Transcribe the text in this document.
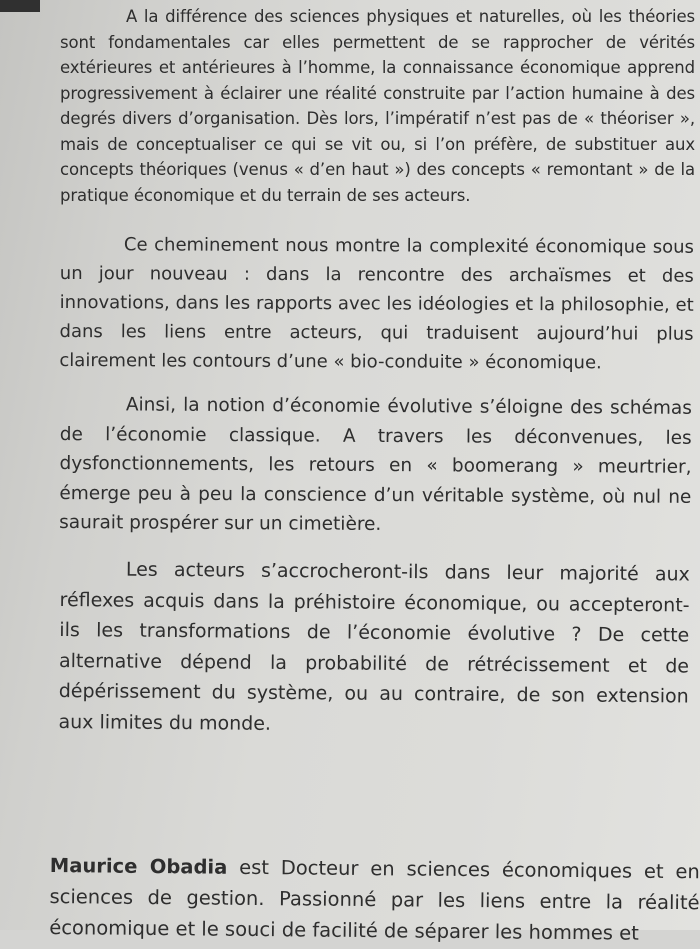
A la différence des sciences physiques et naturelles, où les théories sont fondamentales car elles permettent de se rapprocher de vérités extérieures et antérieures à l’homme, la connaissance économique apprend progressivement à éclairer une réalité construite par l’action humaine à des degrés divers d’organisation. Dès lors, l’impératif n’est pas de « théoriser », mais de conceptualiser ce qui se vit ou, si l’on préfère, de substituer aux concepts théoriques (venus « d’en haut ») des concepts « remontant » de la pratique économique et du terrain de ses acteurs.

Ce cheminement nous montre la complexité économique sous un jour nouveau : dans la rencontre des archaïsmes et des innovations, dans les rapports avec les idéologies et la philosophie, et dans les liens entre acteurs, qui traduisent aujourd’hui plus clairement les contours d’une « bio-conduite » économique.

Ainsi, la notion d’économie évolutive s’éloigne des schémas de l’économie classique. A travers les déconvenues, les dysfonctionnements, les retours en « boomerang » meurtrier, émerge peu à peu la conscience d’un véritable système, où nul ne saurait prospérer sur un cimetière.

Les acteurs s’accrocheront-ils dans leur majorité aux réflexes acquis dans la préhistoire économique, ou accepteront-ils les transformations de l’économie évolutive ? De cette alternative dépend la probabilité de rétrécissement et de dépérissement du système, ou au contraire, de son extension aux limites du monde.

Maurice Obadia est Docteur en sciences économiques et en sciences de gestion. Passionné par les liens entre la réalité économique et le souci de facilité de séparer les hommes et
